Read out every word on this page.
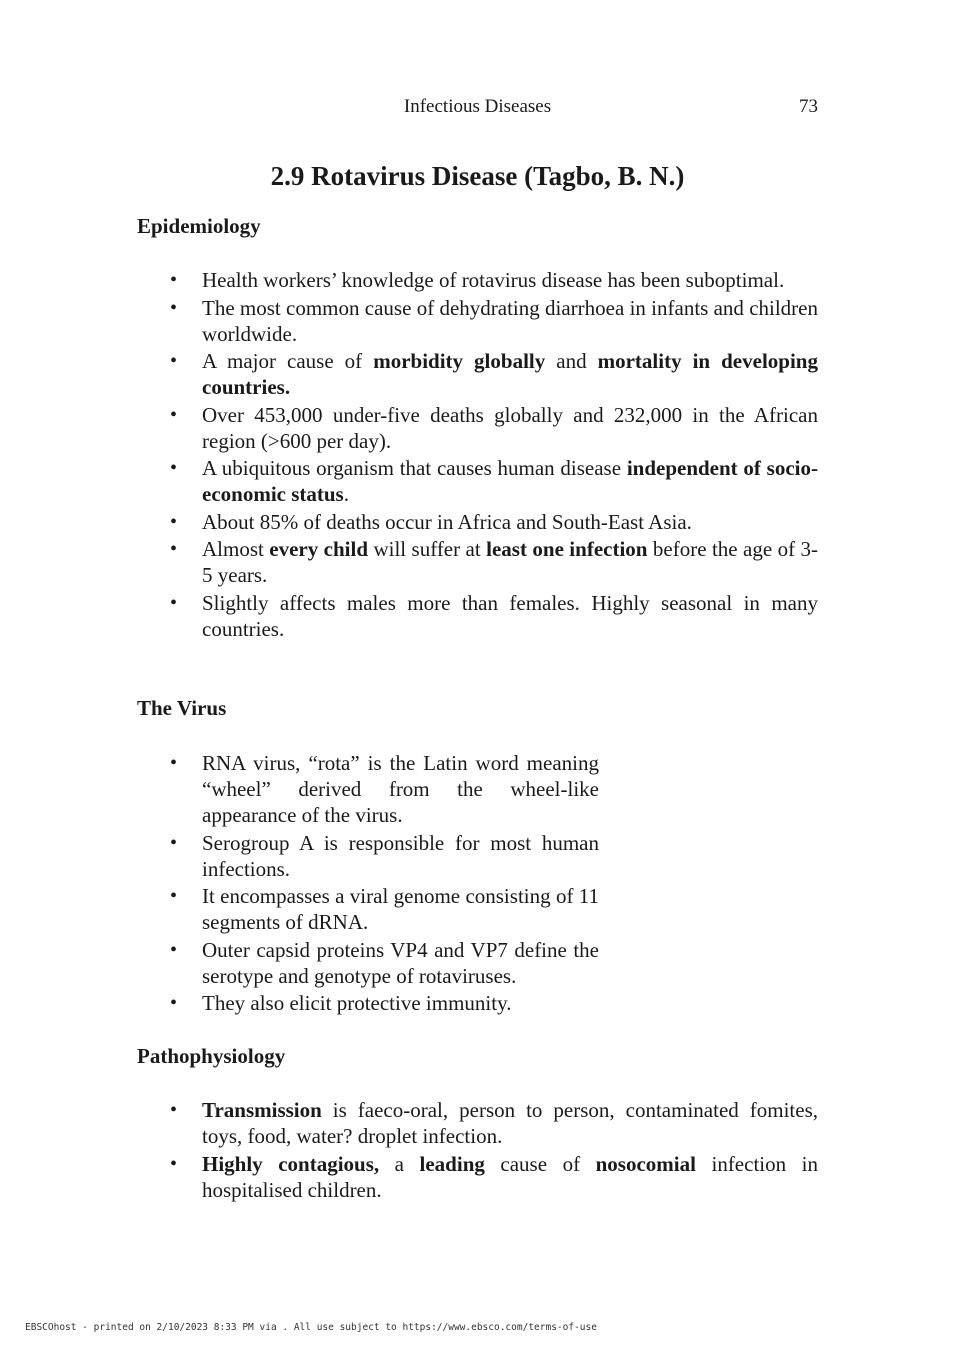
Infectious Diseases	73
2.9 Rotavirus Disease (Tagbo, B. N.)
Epidemiology
• Health workers’ knowledge of rotavirus disease has been suboptimal.
• The most common cause of dehydrating diarrhoea in infants and children worldwide.
• A major cause of morbidity globally and mortality in developing countries.
• Over 453,000 under-five deaths globally and 232,000 in the African region (>600 per day).
• A ubiquitous organism that causes human disease independent of socio-economic status.
• About 85% of deaths occur in Africa and South-East Asia.
• Almost every child will suffer at least one infection before the age of 3-5 years.
• Slightly affects males more than females. Highly seasonal in many countries.
The Virus
• RNA virus, “rota” is the Latin word meaning “wheel” derived from the wheel-like appearance of the virus.
• Serogroup A is responsible for most human infections.
• It encompasses a viral genome consisting of 11 segments of dRNA.
• Outer capsid proteins VP4 and VP7 define the serotype and genotype of rotaviruses.
• They also elicit protective immunity.
Pathophysiology
• Transmission is faeco-oral, person to person, contaminated fomites, toys, food, water? droplet infection.
• Highly contagious, a leading cause of nosocomial infection in hospitalised children.
EBSCOhost - printed on 2/10/2023 8:33 PM via . All use subject to https://www.ebsco.com/terms-of-use
